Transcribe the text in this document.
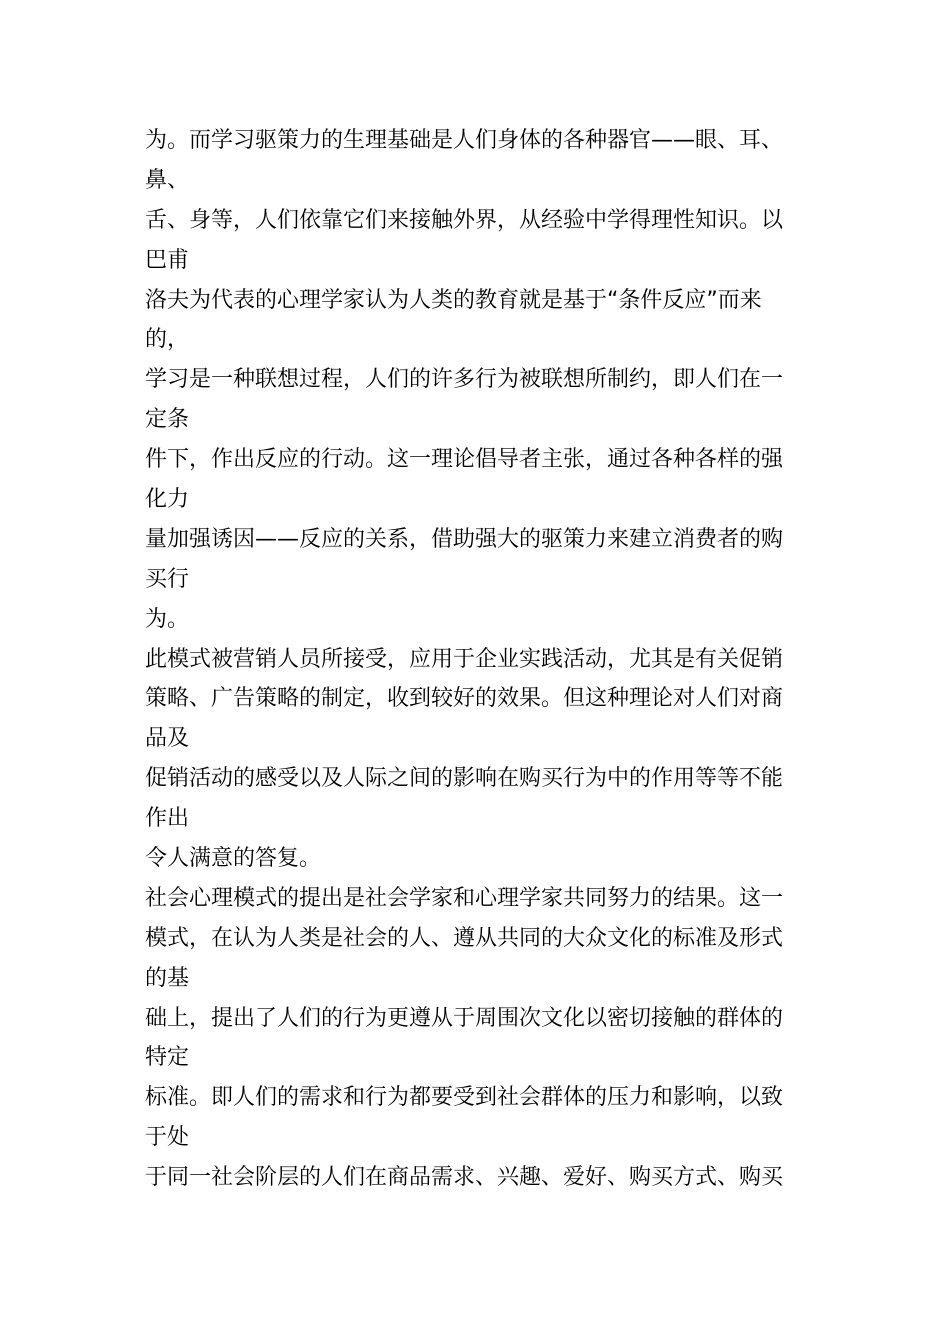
为。而学习驱策力的生理基础是人们身体的各种器官——眼、耳、
鼻、
舌、身等，人们依靠它们来接触外界，从经验中学得理性知识。以
巴甫
洛夫为代表的心理学家认为人类的教育就是基于“条件反应”而来
的，
学习是一种联想过程，人们的许多行为被联想所制约，即人们在一
定条
件下，作出反应的行动。这一理论倡导者主张，通过各种各样的强
化力
量加强诱因——反应的关系，借助强大的驱策力来建立消费者的购
买行
为。
此模式被营销人员所接受，应用于企业实践活动，尤其是有关促销
策略、广告策略的制定，收到较好的效果。但这种理论对人们对商
品及
促销活动的感受以及人际之间的影响在购买行为中的作用等等不能
作出
令人满意的答复。
社会心理模式的提出是社会学家和心理学家共同努力的结果。这一
模式，在认为人类是社会的人、遵从共同的大众文化的标准及形式
的基
础上，提出了人们的行为更遵从于周围次文化以密切接触的群体的
特定
标准。即人们的需求和行为都要受到社会群体的压力和影响，以致
于处
于同一社会阶层的人们在商品需求、兴趣、爱好、购买方式、购买
